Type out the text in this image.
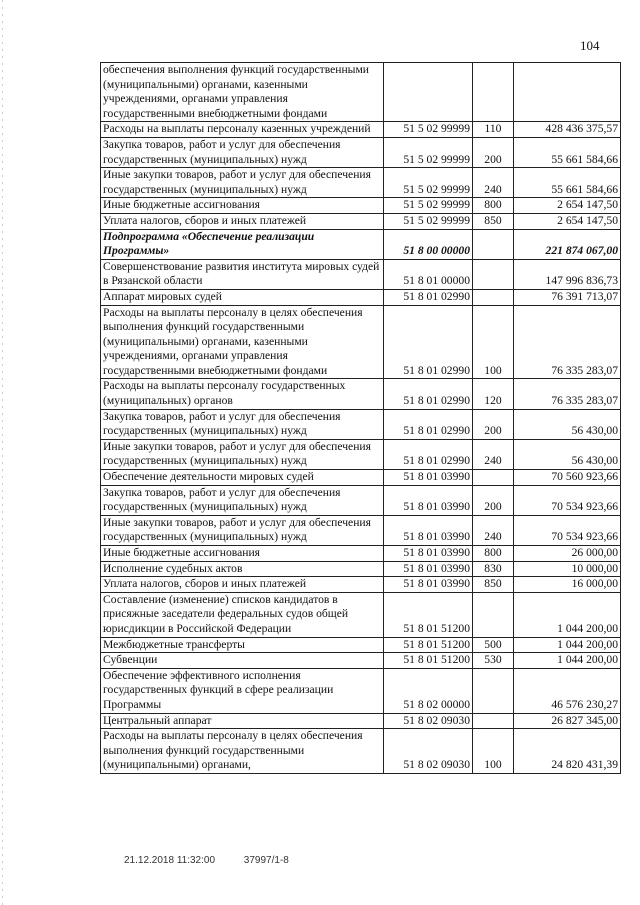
104
обеспечения выполнения функций государственными (муниципальными) органами, казенными учреждениями, органами управления государственными внебюджетными фондами			
Расходы на выплаты персоналу казенных учреждений	51 5 02 99999	110	428 436 375,57
Закупка товаров, работ и услуг для обеспечения государственных (муниципальных) нужд	51 5 02 99999	200	55 661 584,66
Иные закупки товаров, работ и услуг для обеспечения государственных (муниципальных) нужд	51 5 02 99999	240	55 661 584,66
Иные бюджетные ассигнования	51 5 02 99999	800	2 654 147,50
Уплата налогов, сборов и иных платежей	51 5 02 99999	850	2 654 147,50
Подпрограмма «Обеспечение реализации Программы»	51 8 00 00000		221 874 067,00
Совершенствование развития института мировых судей в Рязанской области	51 8 01 00000		147 996 836,73
Аппарат мировых судей	51 8 01 02990		76 391 713,07
Расходы на выплаты персоналу в целях обеспечения выполнения функций государственными (муниципальными) органами, казенными учреждениями, органами управления государственными внебюджетными фондами	51 8 01 02990	100	76 335 283,07
Расходы на выплаты персоналу государственных (муниципальных) органов	51 8 01 02990	120	76 335 283,07
Закупка товаров, работ и услуг для обеспечения государственных (муниципальных) нужд	51 8 01 02990	200	56 430,00
Иные закупки товаров, работ и услуг для обеспечения государственных (муниципальных) нужд	51 8 01 02990	240	56 430,00
Обеспечение деятельности мировых судей	51 8 01 03990		70 560 923,66
Закупка товаров, работ и услуг для обеспечения государственных (муниципальных) нужд	51 8 01 03990	200	70 534 923,66
Иные закупки товаров, работ и услуг для обеспечения государственных (муниципальных) нужд	51 8 01 03990	240	70 534 923,66
Иные бюджетные ассигнования	51 8 01 03990	800	26 000,00
Исполнение судебных актов	51 8 01 03990	830	10 000,00
Уплата налогов, сборов и иных платежей	51 8 01 03990	850	16 000,00
Составление (изменение) списков кандидатов в присяжные заседатели федеральных судов общей юрисдикции в Российской Федерации	51 8 01 51200		1 044 200,00
Межбюджетные трансферты	51 8 01 51200	500	1 044 200,00
Субвенции	51 8 01 51200	530	1 044 200,00
Обеспечение эффективного исполнения государственных функций в сфере реализации Программы	51 8 02 00000		46 576 230,27
Центральный аппарат	51 8 02 09030		26 827 345,00
Расходы на выплаты персоналу в целях обеспечения выполнения функций государственными (муниципальными) органами,	51 8 02 09030	100	24 820 431,39
21.12.2018 11:32:00	37997/1-8
